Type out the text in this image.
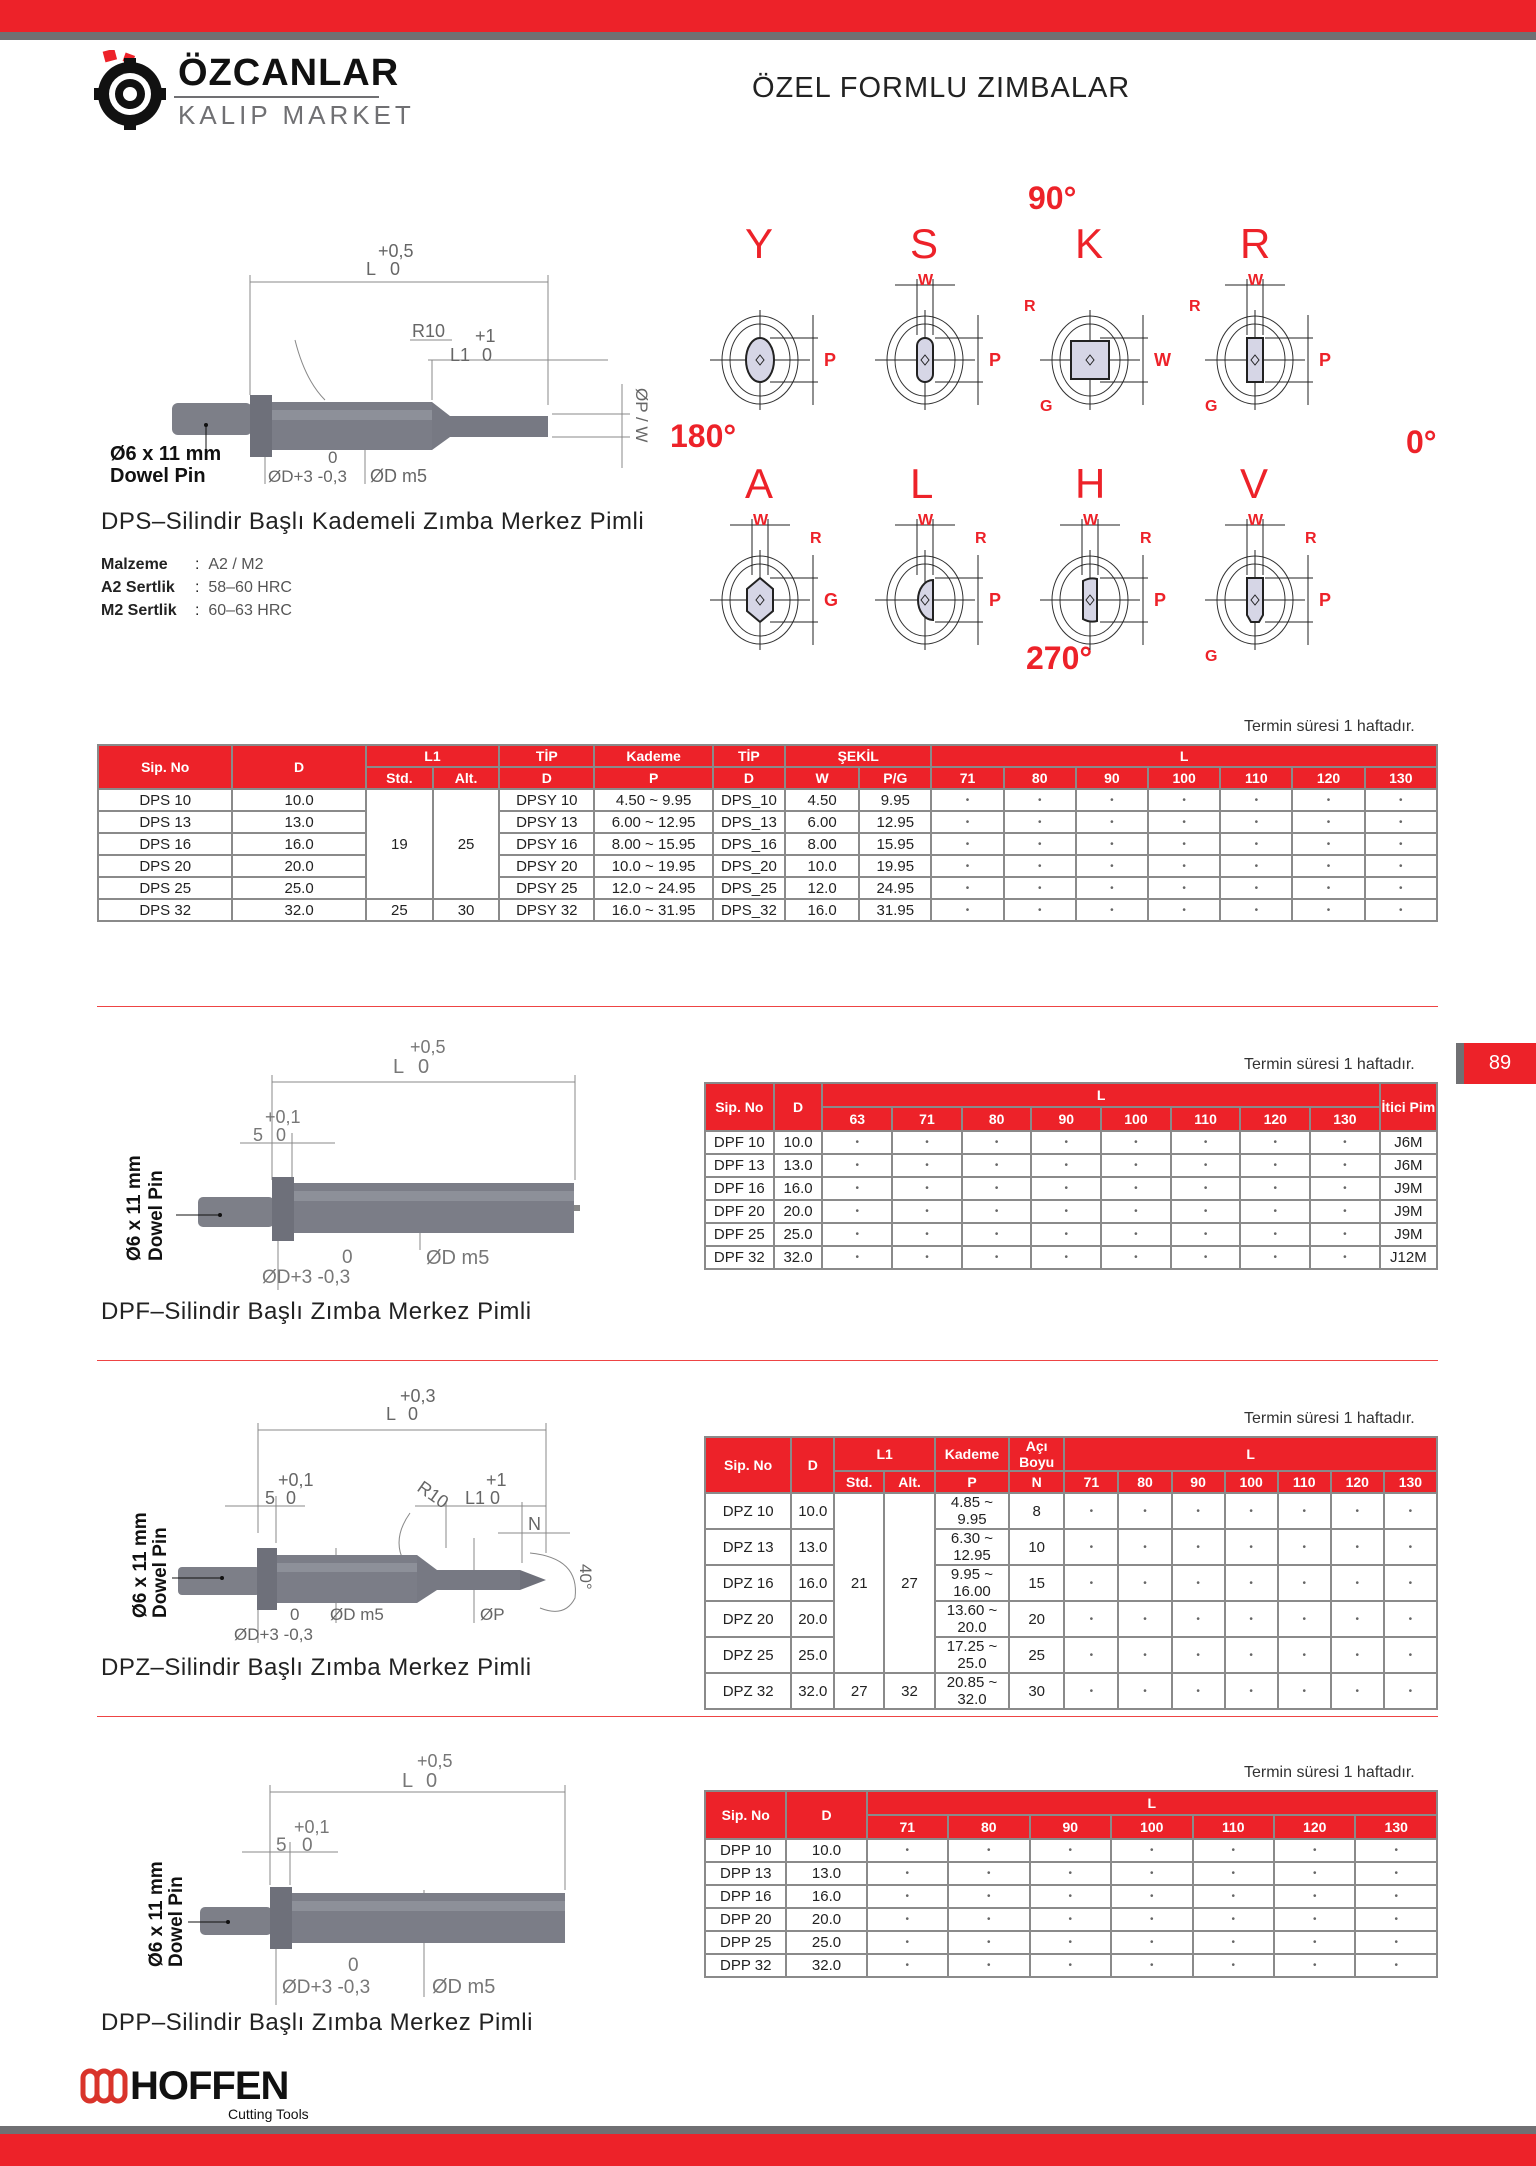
ÖZCANLAR
KALIP MARKET
ÖZEL FORMLU ZIMBALAR
89
+0,5
L 0
R10 +1
L1 0
ØP / W
Ø6 x 11 mm
Dowel Pin
0
ØD+3 -0,3 ØD m5
DPS–Silindir Başlı Kademeli Zımba Merkez Pimli
Malzeme :  A2 / M2
A2 Sertlik :  58–60 HRC
M2 Sertlik :  60–63 HRC
90°
180°	0°
270°
Y
P
S
P
W
K
W
R
G
R
P
W
R
G
A
G
W
R
L
P
W
R
H
P
W
R
V
P
W
R
G
Termin süresi 1 haftadır.
Sip. No	D	L1		TİP	Kademe	TİP	ŞEKİL		L						
		Std.	Alt.	D	P	D	W	P/G	71	80	90	100	110	120	130
DPS 10	10.0	19	25	DPSY 10	4.50 ~ 9.95	DPS_10	4.50	9.95	•	•	•	•	•	•	•
DPS 13	13.0			DPSY 13	6.00 ~ 12.95	DPS_13	6.00	12.95	•	•	•	•	•	•	•
DPS 16	16.0			DPSY 16	8.00 ~ 15.95	DPS_16	8.00	15.95	•	•	•	•	•	•	•
DPS 20	20.0			DPSY 20	10.0 ~ 19.95	DPS_20	10.0	19.95	•	•	•	•	•	•	•
DPS 25	25.0			DPSY 25	12.0 ~ 24.95	DPS_25	12.0	24.95	•	•	•	•	•	•	•
DPS 32	32.0	25	30	DPSY 32	16.0 ~ 31.95	DPS_32	16.0	31.95	•	•	•	•	•	•	•
+0,5
L 0
+0,1
5 0
Ø6 x 11 mm Dowel Pin	0
ØD+3 -0,3
ØD m5
DPF–Silindir Başlı Zımba Merkez Pimli
Termin süresi 1 haftadır.
Sip. No	D	L								İtici Pim
		63	71	80	90	100	110	120	130	
DPF 10	10.0	•	•	•	•	•	•	•	•	J6M
DPF 13	13.0	•	•	•	•	•	•	•	•	J6M
DPF 16	16.0	•	•	•	•	•	•	•	•	J9M
DPF 20	20.0	•	•	•	•	•	•	•	•	J9M
DPF 25	25.0	•	•	•	•	•	•	•	•	J9M
DPF 32	32.0	•	•	•	•	•	•	•	•	J12M
+0,3
L 0
+0,1
5 0	R10 +1
L1 0
N
40°
Ø6 x 11 mm Dowel Pin	0
ØD+3 -0,3
ØD m5	ØP
DPZ–Silindir Başlı Zımba Merkez Pimli
Termin süresi 1 haftadır.
Sip. No	D	L1		Kademe	Açı Boyu	L						
		Std.	Alt.	P	N	71	80	90	100	110	120	130
DPZ 10	10.0	21	27	4.85 ~ 9.95	8	•	•	•	•	•	•	•
DPZ 13	13.0			6.30 ~ 12.95	10	•	•	•	•	•	•	•
DPZ 16	16.0			9.95 ~ 16.00	15	•	•	•	•	•	•	•
DPZ 20	20.0			13.60 ~ 20.0	20	•	•	•	•	•	•	•
DPZ 25	25.0			17.25 ~ 25.0	25	•	•	•	•	•	•	•
DPZ 32	32.0	27	32	20.85 ~ 32.0	30	•	•	•	•	•	•	•
+0,5
L 0
+0,1
5 0
Ø6 x 11 mm Dowel Pin	0
ØD+3 -0,3	ØD m5
DPP–Silindir Başlı Zımba Merkez Pimli
Termin süresi 1 haftadır.
Sip. No	D	L						
		71	80	90	100	110	120	130
DPP 10	10.0	•	•	•	•	•	•	•
DPP 13	13.0	•	•	•	•	•	•	•
DPP 16	16.0	•	•	•	•	•	•	•
DPP 20	20.0	•	•	•	•	•	•	•
DPP 25	25.0	•	•	•	•	•	•	•
DPP 32	32.0	•	•	•	•	•	•	•
HOFFEN
Cutting Tools
